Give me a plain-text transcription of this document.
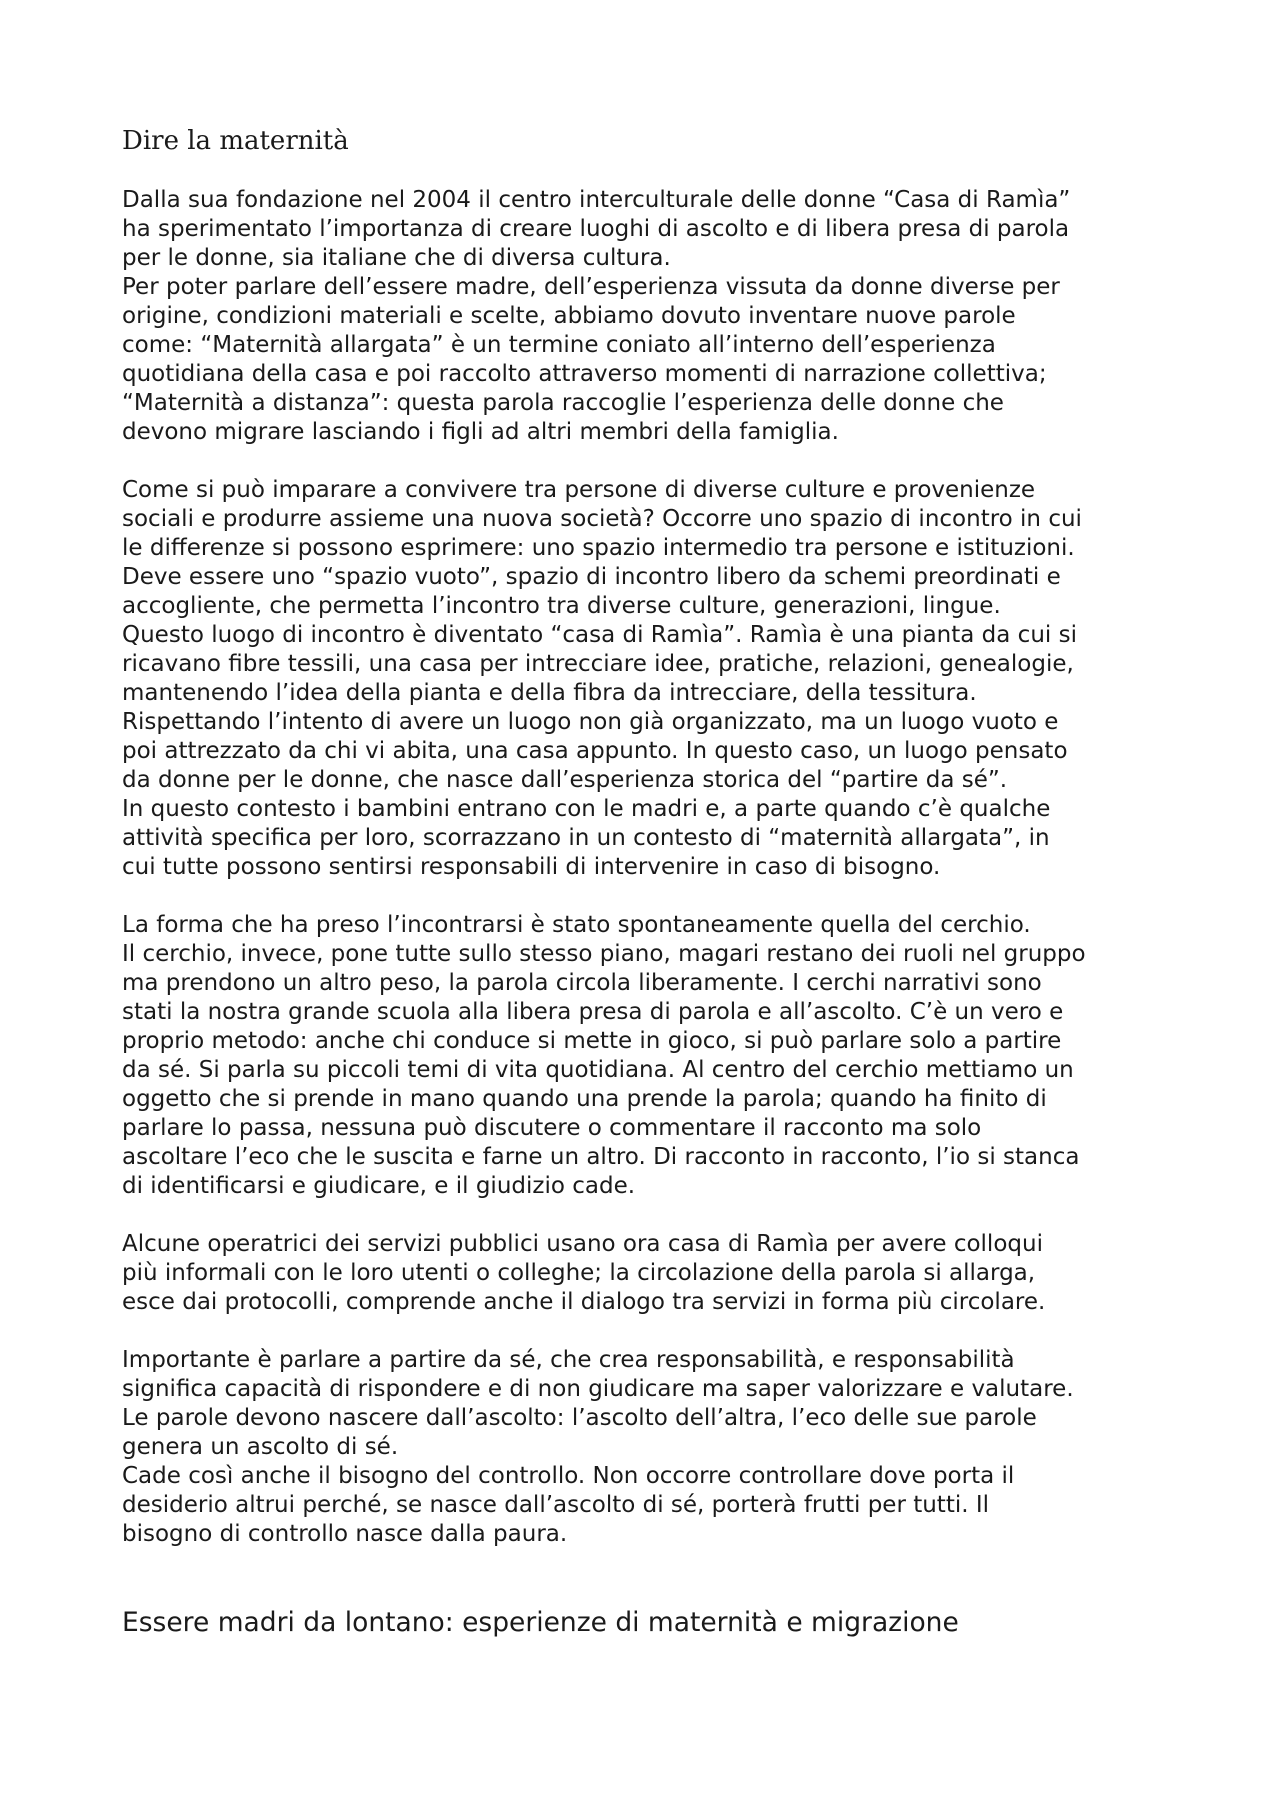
Dire la maternità

Dalla sua fondazione nel 2004 il centro interculturale delle donne “Casa di Ramìa”
ha sperimentato l’importanza di creare luoghi di ascolto e di libera presa di parola
per le donne, sia italiane che di diversa cultura.
Per poter parlare dell’essere madre, dell’esperienza vissuta da donne diverse per
origine, condizioni materiali e scelte, abbiamo dovuto inventare nuove parole
come: “Maternità allargata” è un termine coniato all’interno dell’esperienza
quotidiana della casa e poi raccolto attraverso momenti di narrazione collettiva;
“Maternità a distanza”: questa parola raccoglie l’esperienza delle donne che
devono migrare lasciando i figli ad altri membri della famiglia.

Come si può imparare a convivere tra persone di diverse culture e provenienze
sociali e produrre assieme una nuova società? Occorre uno spazio di incontro in cui
le differenze si possono esprimere: uno spazio intermedio tra persone e istituzioni.
Deve essere uno “spazio vuoto”, spazio di incontro libero da schemi preordinati e
accogliente, che permetta l’incontro tra diverse culture, generazioni, lingue.
Questo luogo di incontro è diventato “casa di Ramìa”. Ramìa è una pianta da cui si
ricavano fibre tessili, una casa per intrecciare idee, pratiche, relazioni, genealogie,
mantenendo l’idea della pianta e della fibra da intrecciare, della tessitura.
Rispettando l’intento di avere un luogo non già organizzato, ma un luogo vuoto e
poi attrezzato da chi vi abita, una casa appunto. In questo caso, un luogo pensato
da donne per le donne, che nasce dall’esperienza storica del “partire da sé”.
In questo contesto i bambini entrano con le madri e, a parte quando c’è qualche
attività specifica per loro, scorrazzano in un contesto di “maternità allargata”, in
cui tutte possono sentirsi responsabili di intervenire in caso di bisogno.

La forma che ha preso l’incontrarsi è stato spontaneamente quella del cerchio.
Il cerchio, invece, pone tutte sullo stesso piano, magari restano dei ruoli nel gruppo
ma prendono un altro peso, la parola circola liberamente. I cerchi narrativi sono
stati la nostra grande scuola alla libera presa di parola e all’ascolto. C’è un vero e
proprio metodo: anche chi conduce si mette in gioco, si può parlare solo a partire
da sé. Si parla su piccoli temi di vita quotidiana. Al centro del cerchio mettiamo un
oggetto che si prende in mano quando una prende la parola; quando ha finito di
parlare lo passa, nessuna può discutere o commentare il racconto ma solo
ascoltare l’eco che le suscita e farne un altro. Di racconto in racconto, l’io si stanca
di identificarsi e giudicare, e il giudizio cade.

Alcune operatrici dei servizi pubblici usano ora casa di Ramìa per avere colloqui
più informali con le loro utenti o colleghe; la circolazione della parola si allarga,
esce dai protocolli, comprende anche il dialogo tra servizi in forma più circolare.

Importante è parlare a partire da sé, che crea responsabilità, e responsabilità
significa capacità di rispondere e di non giudicare ma saper valorizzare e valutare.
Le parole devono nascere dall’ascolto: l’ascolto dell’altra, l’eco delle sue parole
genera un ascolto di sé.
Cade così anche il bisogno del controllo. Non occorre controllare dove porta il
desiderio altrui perché, se nasce dall’ascolto di sé, porterà frutti per tutti. Il
bisogno di controllo nasce dalla paura.

Essere madri da lontano: esperienze di maternità e migrazione
